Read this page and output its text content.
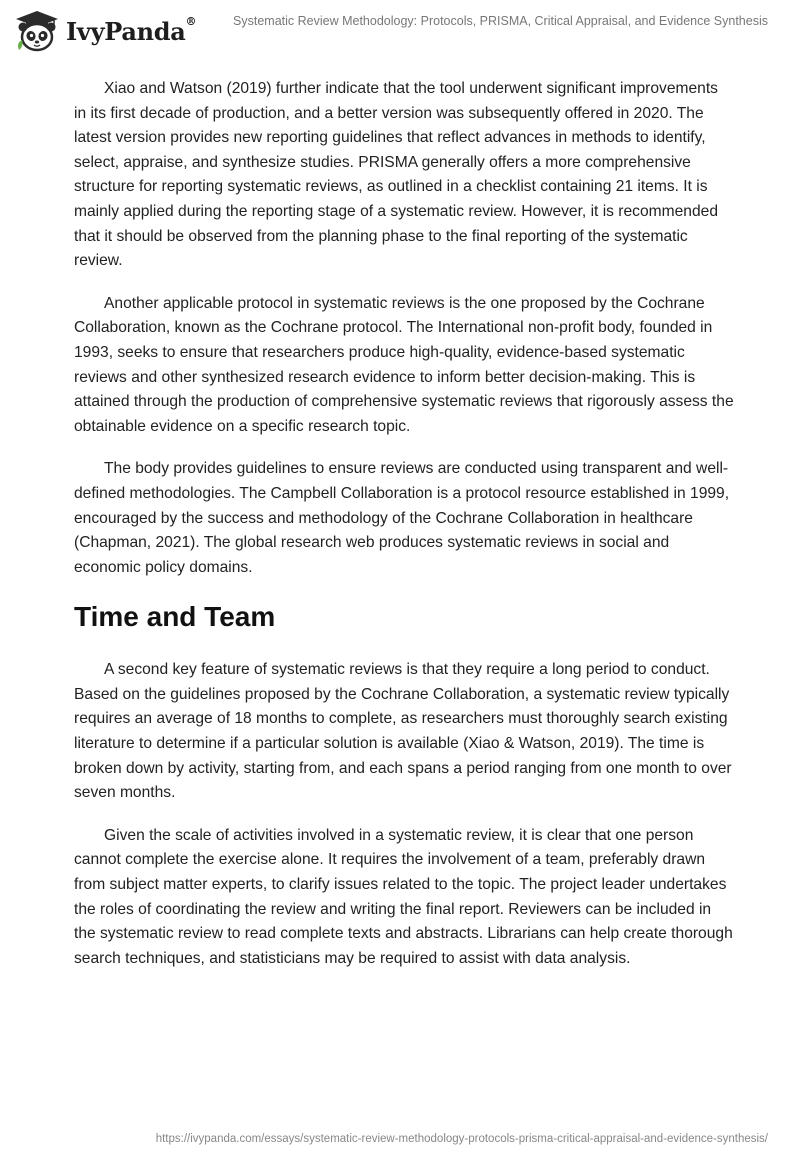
IvyPanda®	Systematic Review Methodology: Protocols, PRISMA, Critical Appraisal, and Evidence Synthesis

Xiao and Watson (2019) further indicate that the tool underwent significant improvements in its first decade of production, and a better version was subsequently offered in 2020. The latest version provides new reporting guidelines that reflect advances in methods to identify, select, appraise, and synthesize studies. PRISMA generally offers a more comprehensive structure for reporting systematic reviews, as outlined in a checklist containing 21 items. It is mainly applied during the reporting stage of a systematic review. However, it is recommended that it should be observed from the planning phase to the final reporting of the systematic review.

Another applicable protocol in systematic reviews is the one proposed by the Cochrane Collaboration, known as the Cochrane protocol. The International non-profit body, founded in 1993, seeks to ensure that researchers produce high-quality, evidence-based systematic reviews and other synthesized research evidence to inform better decision-making. This is attained through the production of comprehensive systematic reviews that rigorously assess the obtainable evidence on a specific research topic.

The body provides guidelines to ensure reviews are conducted using transparent and well-defined methodologies. The Campbell Collaboration is a protocol resource established in 1999, encouraged by the success and methodology of the Cochrane Collaboration in healthcare (Chapman, 2021). The global research web produces systematic reviews in social and economic policy domains.

Time and Team

A second key feature of systematic reviews is that they require a long period to conduct. Based on the guidelines proposed by the Cochrane Collaboration, a systematic review typically requires an average of 18 months to complete, as researchers must thoroughly search existing literature to determine if a particular solution is available (Xiao & Watson, 2019). The time is broken down by activity, starting from, and each spans a period ranging from one month to over seven months.

Given the scale of activities involved in a systematic review, it is clear that one person cannot complete the exercise alone. It requires the involvement of a team, preferably drawn from subject matter experts, to clarify issues related to the topic. The project leader undertakes the roles of coordinating the review and writing the final report. Reviewers can be included in the systematic review to read complete texts and abstracts. Librarians can help create thorough search techniques, and statisticians may be required to assist with data analysis.

https://ivypanda.com/essays/systematic-review-methodology-protocols-prisma-critical-appraisal-and-evidence-synthesis/
